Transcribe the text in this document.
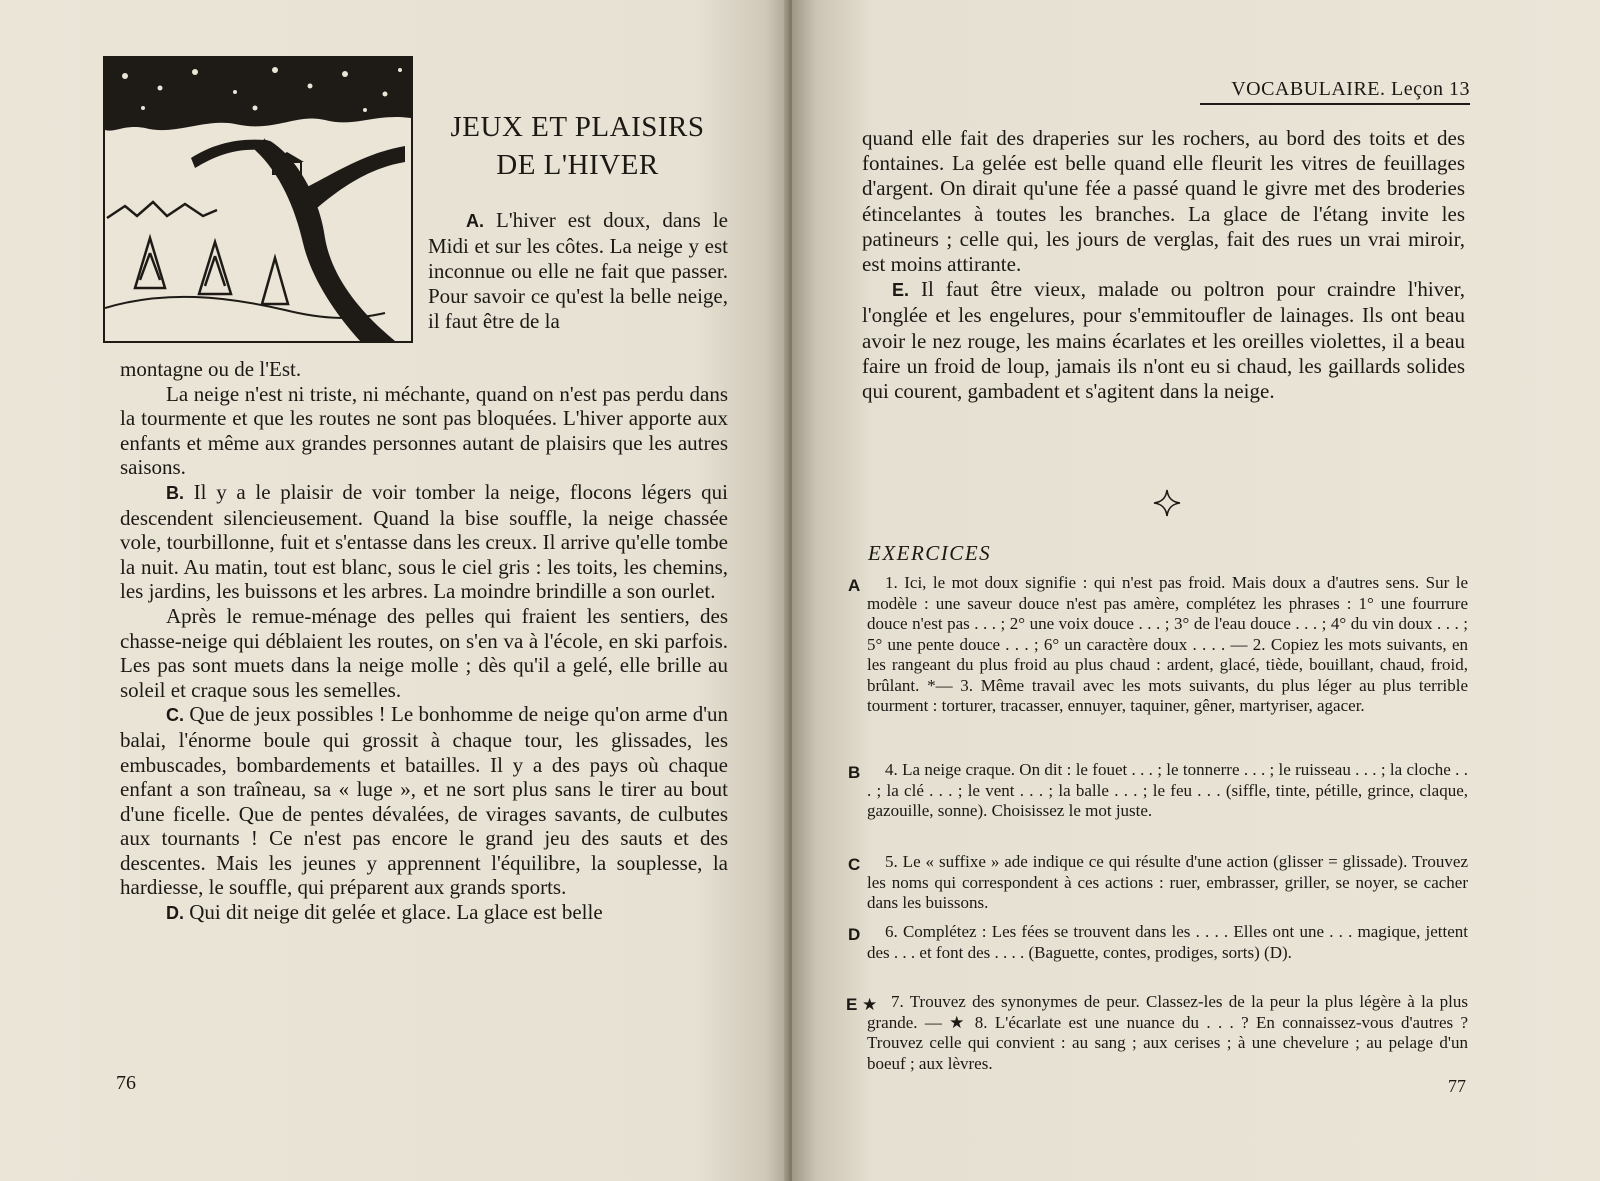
JEUX ET PLAISIRS
DE L'HIVER

A. L'hiver est doux, dans le Midi et sur les côtes. La neige y est inconnue ou elle ne fait que passer. Pour savoir ce qu'est la belle neige, il faut être de la

montagne ou de l'Est.

La neige n'est ni triste, ni méchante, quand on n'est pas perdu dans la tourmente et que les routes ne sont pas bloquées. L'hiver apporte aux enfants et même aux grandes personnes autant de plaisirs que les autres saisons.

B. Il y a le plaisir de voir tomber la neige, flocons légers qui descendent silencieusement. Quand la bise souffle, la neige chassée vole, tourbillonne, fuit et s'entasse dans les creux. Il arrive qu'elle tombe la nuit. Au matin, tout est blanc, sous le ciel gris : les toits, les chemins, les jardins, les buissons et les arbres. La moindre brindille a son ourlet.

Après le remue-ménage des pelles qui fraient les sentiers, des chasse-neige qui déblaient les routes, on s'en va à l'école, en ski parfois. Les pas sont muets dans la neige molle ; dès qu'il a gelé, elle brille au soleil et craque sous les semelles.

C. Que de jeux possibles ! Le bonhomme de neige qu'on arme d'un balai, l'énorme boule qui grossit à chaque tour, les glissades, les embuscades, bombardements et batailles. Il y a des pays où chaque enfant a son traîneau, sa « luge », et ne sort plus sans le tirer au bout d'une ficelle. Que de pentes dévalées, de virages savants, de culbutes aux tournants ! Ce n'est pas encore le grand jeu des sauts et des descentes. Mais les jeunes y apprennent l'équilibre, la souplesse, la hardiesse, le souffle, qui préparent aux grands sports.

D. Qui dit neige dit gelée et glace. La glace est belle

76
VOCABULAIRE. Leçon 13

quand elle fait des draperies sur les rochers, au bord des toits et des fontaines. La gelée est belle quand elle fleurit les vitres de feuillages d'argent. On dirait qu'une fée a passé quand le givre met des broderies étincelantes à toutes les branches. La glace de l'étang invite les patineurs ; celle qui, les jours de verglas, fait des rues un vrai miroir, est moins attirante.

E. Il faut être vieux, malade ou poltron pour craindre l'hiver, l'onglée et les engelures, pour s'emmitoufler de lainages. Ils ont beau avoir le nez rouge, les mains écarlates et les oreilles violettes, il a beau faire un froid de loup, jamais ils n'ont eu si chaud, les gaillards solides qui courent, gambadent et s'agitent dans la neige.

EXERCICES
A	1. Ici, le mot doux signifie : qui n'est pas froid. Mais doux a d'autres sens. Sur le modèle : une saveur douce n'est pas amère, complétez les phrases : 1° une fourrure douce n'est pas . . . ; 2° une voix douce . . . ; 3° de l'eau douce . . . ; 4° du vin doux . . . ; 5° une pente douce . . . ; 6° un caractère doux . . . . — 2. Copiez les mots suivants, en les rangeant du plus froid au plus chaud : ardent, glacé, tiède, bouillant, chaud, froid, brûlant. *— 3. Même travail avec les mots suivants, du plus léger au plus terrible tourment : torturer, tracasser, ennuyer, taquiner, gêner, martyriser, agacer.

B	4. La neige craque. On dit : le fouet . . . ; le tonnerre . . . ; le ruisseau . . . ; la cloche . . . ; la clé . . . ; le vent . . . ; la balle . . . ; le feu . . . (siffle, tinte, pétille, grince, claque, gazouille, sonne). Choisissez le mot juste.

C	5. Le « suffixe » ade indique ce qui résulte d'une action (glisser = glissade). Trouvez les noms qui correspondent à ces actions : ruer, embrasser, griller, se noyer, se cacher dans les buissons.

D	6. Complétez : Les fées se trouvent dans les . . . . Elles ont une . . . magique, jettent des . . . et font des . . . . (Baguette, contes, prodiges, sorts) (D).

E ★ 7. Trouvez des synonymes de peur. Classez-les de la peur la plus légère à la plus grande. — ★ 8. L'écarlate est une nuance du . . . ? En connaissez-vous d'autres ? Trouvez celle qui convient : au sang ; aux cerises ; à une chevelure ; au pelage d'un boeuf ; aux lèvres.

77
